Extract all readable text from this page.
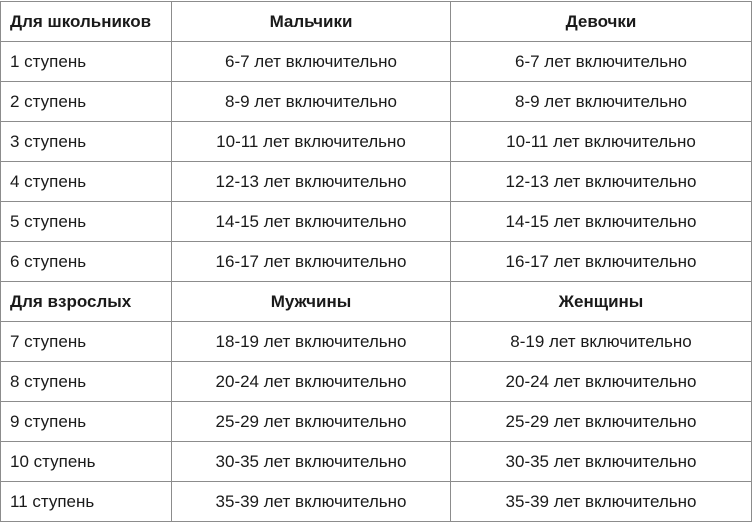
Для школьников	Мальчики	Девочки
1 ступень	6-7 лет включительно	6-7 лет включительно
2 ступень	8-9 лет включительно	8-9 лет включительно
3 ступень	10-11 лет включительно	10-11 лет включительно
4 ступень	12-13 лет включительно	12-13 лет включительно
5 ступень	14-15 лет включительно	14-15 лет включительно
6 ступень	16-17 лет включительно	16-17 лет включительно
Для взрослых	Мужчины	Женщины
7 ступень	18-19 лет включительно	8-19 лет включительно
8 ступень	20-24 лет включительно	20-24 лет включительно
9 ступень	25-29 лет включительно	25-29 лет включительно
10 ступень	30-35 лет включительно	30-35 лет включительно
11 ступень	35-39 лет включительно	35-39 лет включительно
